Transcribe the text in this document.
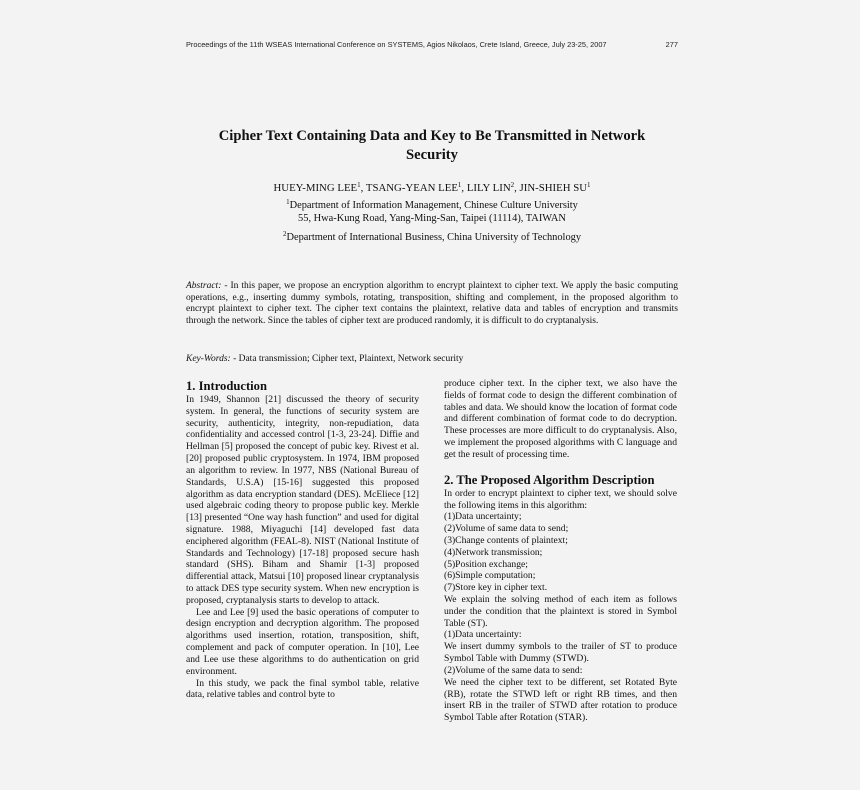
Proceedings of the 11th WSEAS International Conference on SYSTEMS, Agios Nikolaos, Crete Island, Greece, July 23-25, 2007	277
Cipher Text Containing Data and Key to Be Transmitted in Network
Security
HUEY-MING LEE$^1$, TSANG-YEAN LEE$^1$, LILY LIN$^2$, JIN-SHIEH $SU^1$
$^1$Department of Information Management, Chinese Culture University
55, Hwa-Kung Road, Yang-Ming-San, Taipei (11114), TAIWAN
$^2$Department of International Business, China University of Technology
Abstract: - In this paper, we propose an encryption algorithm to encrypt plaintext to cipher text. We apply the basic computing operations, e.g., inserting dummy symbols, rotating, transposition, shifting and complement, in the proposed algorithm to encrypt plaintext to cipher text. The cipher text contains the plaintext, relative data and tables of encryption and transmits through the network. Since the tables of cipher text are produced randomly, it is difficult to do cryptanalysis.
Key-Words: - Data transmission; Cipher text, Plaintext, Network security
1. Introduction

In 1949, Shannon [21] discussed the theory of security system. In general, the functions of security system are security, authenticity, integrity, non-repudiation, data confidentiality and accessed control [1-3, 23-24]. Diffie and Hellman [5] proposed the concept of pubic key. Rivest et al. [20] proposed public cryptosystem. In 1974, IBM proposed an algorithm to review. In 1977, NBS (National Bureau of Standards, U.S.A) [15-16] suggested this proposed algorithm as data encryption standard (DES). McEliece [12] used algebraic coding theory to propose public key. Merkle [13] presented “One way hash function” and used for digital signature. 1988, Miyaguchi [14] developed fast data enciphered algorithm (FEAL-8). NIST (National Institute of Standards and Technology) [17-18] proposed secure hash standard (SHS). Biham and Shamir [1-3] proposed differential attack, Matsui [10] proposed linear cryptanalysis to attack DES type security system. When new encryption is proposed, cryptanalysis starts to develop to attack.

Lee and Lee [9] used the basic operations of computer to design encryption and decryption algorithm. The proposed algorithms used insertion, rotation, transposition, shift, complement and pack of computer operation. In [10], Lee and Lee use these algorithms to do authentication on grid environment.

In this study, we pack the final symbol table, relative data, relative tables and control byte to

produce cipher text. In the cipher text, we also have the fields of format code to design the different combination of tables and data. We should know the location of format code and different combination of format code to do decryption. These processes are more difficult to do cryptanalysis. Also, we implement the proposed algorithms with C language and get the result of processing time.

2. The Proposed Algorithm Description

In order to encrypt plaintext to cipher text, we should solve the following items in this algorithm:

(1)Data uncertainty;
(2)Volume of same data to send;
(3)Change contents of plaintext;
(4)Network transmission;
(5)Position exchange;
(6)Simple computation;
(7)Store key in cipher text.

We explain the solving method of each item as follows under the condition that the plaintext is stored in Symbol Table (ST).

(1)Data uncertainty:

We insert dummy symbols to the trailer of ST to produce Symbol Table with Dummy (STWD).

(2)Volume of the same data to send:

We need the cipher text to be different, set Rotated Byte (RB), rotate the STWD left or right RB times, and then insert RB in the trailer of STWD after rotation to produce Symbol Table after Rotation (STAR).
